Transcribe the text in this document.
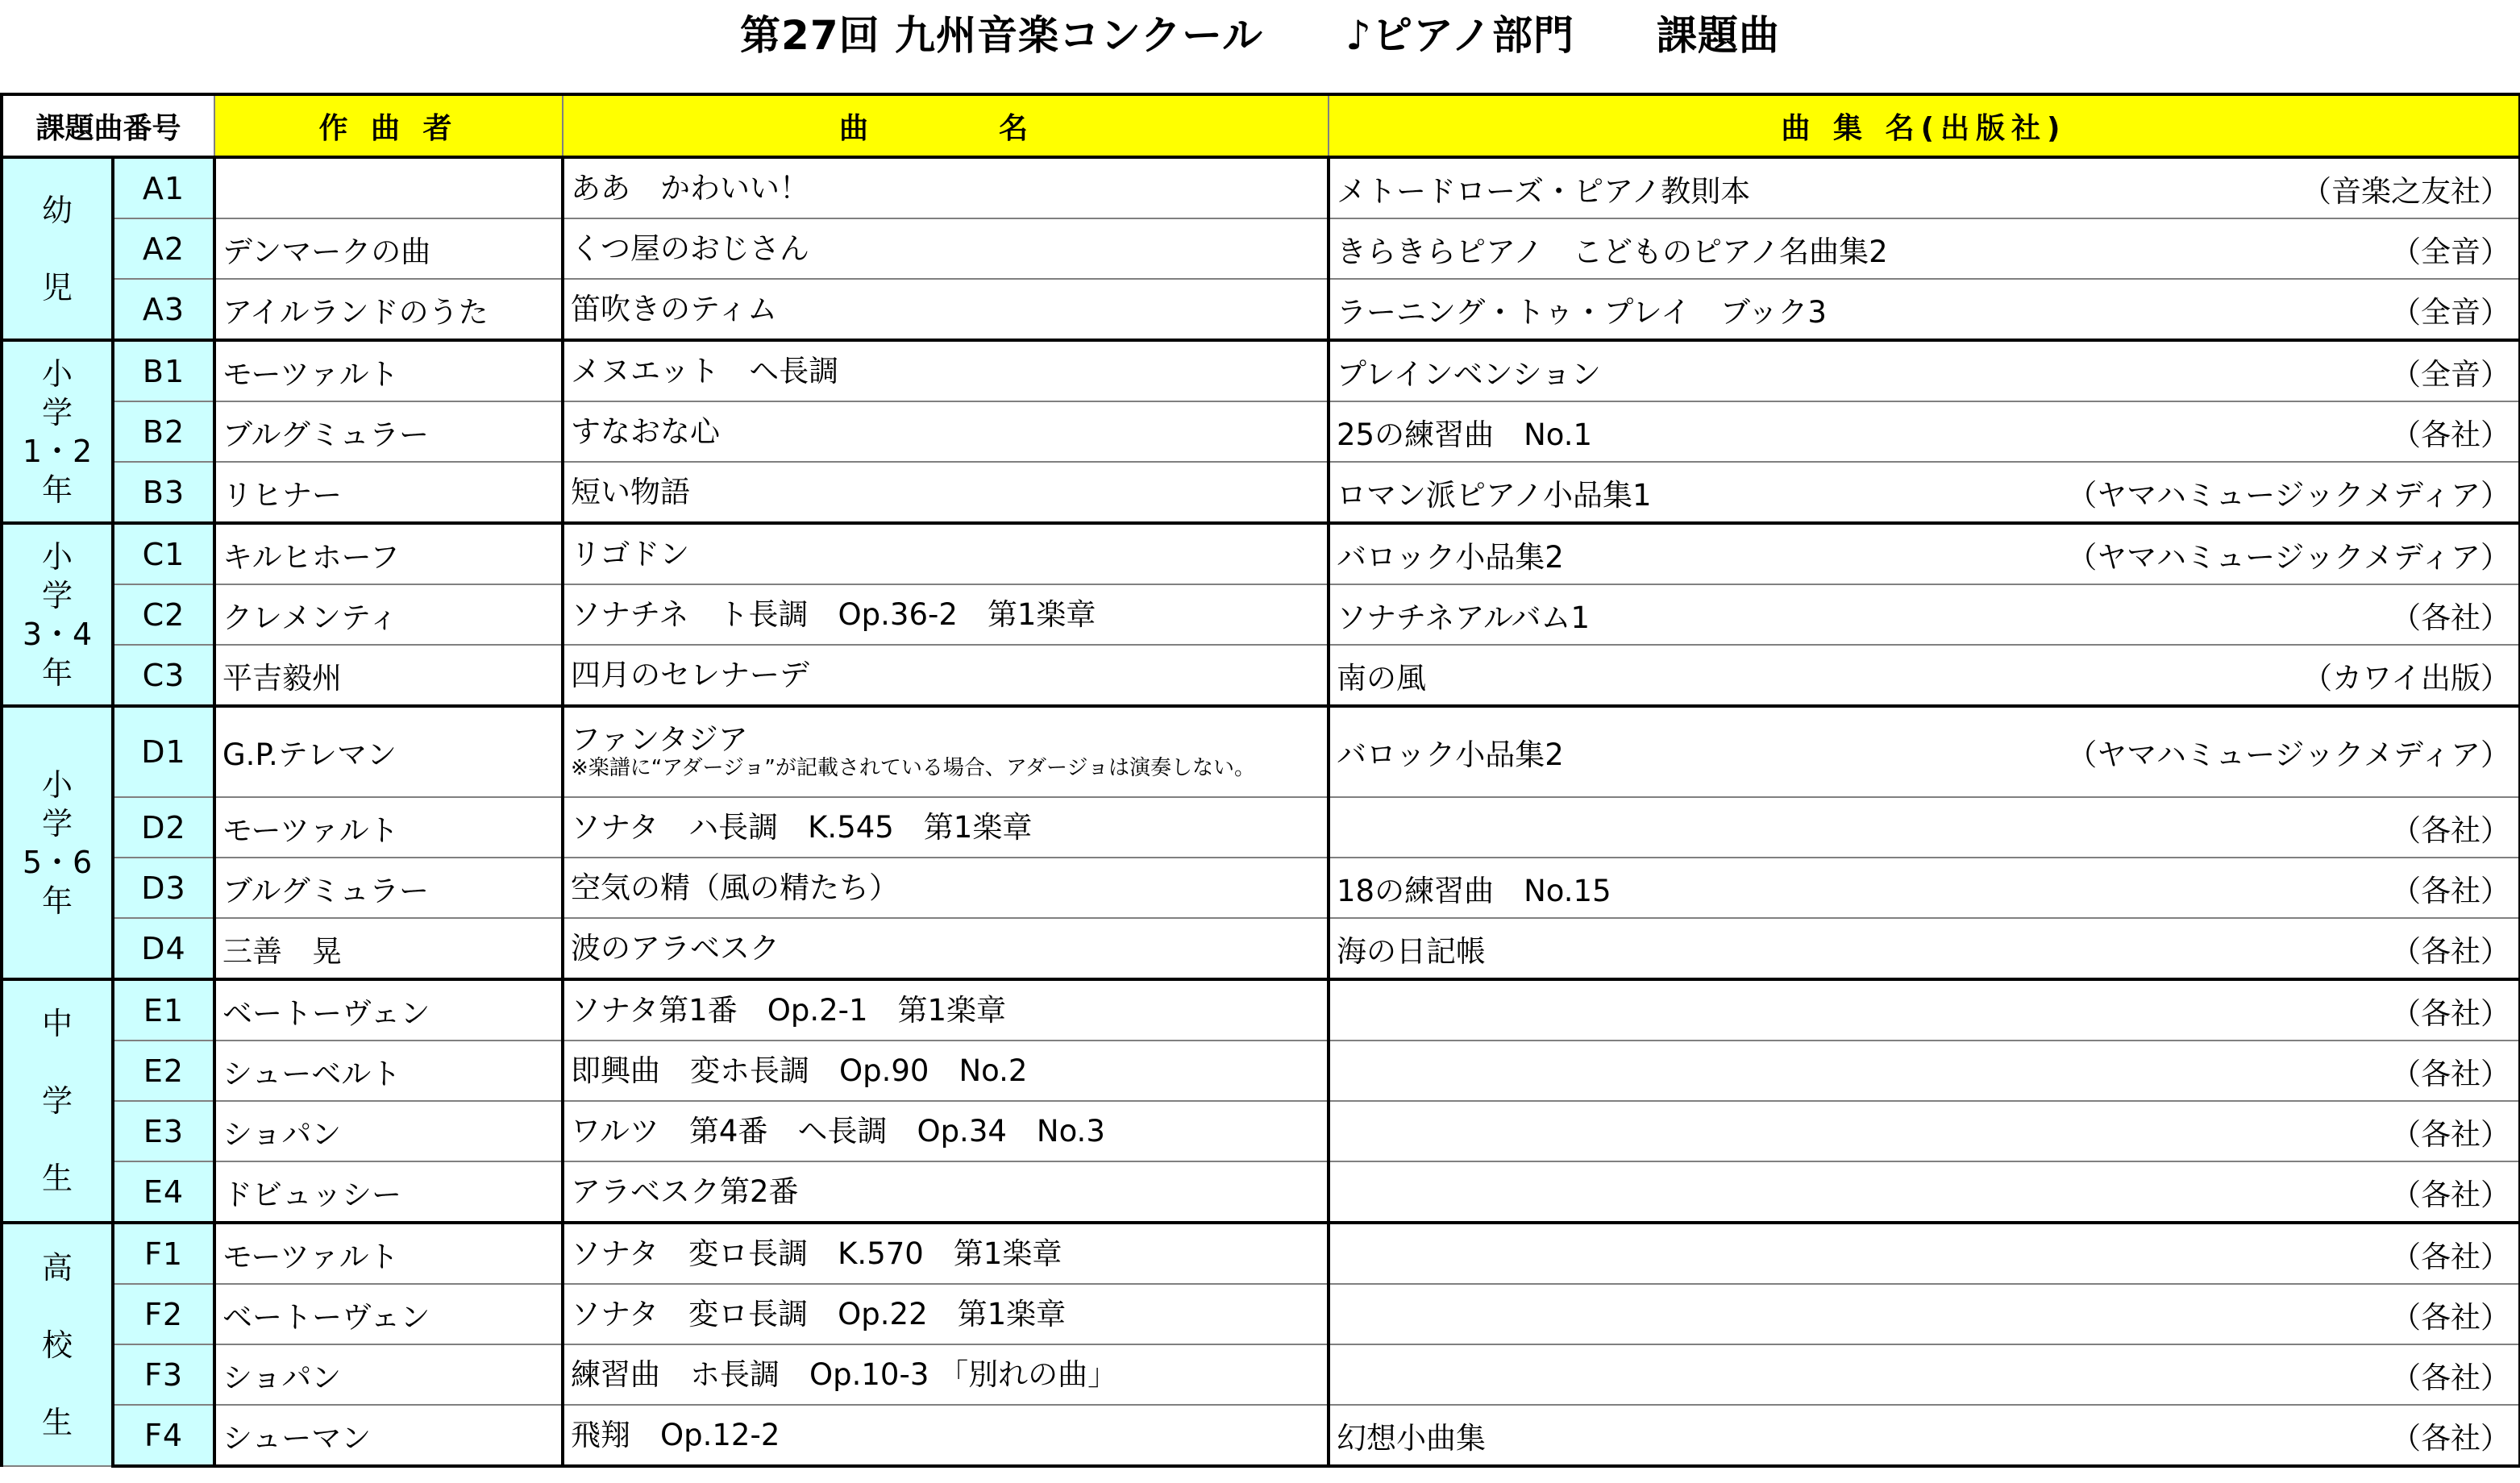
第27回 九州音楽コンクール　　♪ピアノ部門　　課題曲
課題曲番号		作 曲 者	曲　　名	曲 集 名(出版社)
幼

児	A1		ああ　かわいい！	メトードローズ・ピアノ教則本 （音楽之友社）

	A2	デンマークの曲	くつ屋のおじさん	きらきらピアノ　こどものピアノ名曲集2 （全音）

	A3	アイルランドのうた	笛吹きのティム	ラーニング・トゥ・プレイ　ブック3 （全音）

小
学
1・2
年	B1	モーツァルト	メヌエット　ヘ長調	プレインベンション （全音）

	B2	ブルグミュラー	すなおな心	25の練習曲　No.1 （各社）

	B3	リヒナー	短い物語	ロマン派ピアノ小品集1 （ヤマハミュージックメディア）

小
学
3・4
年	C1	キルヒホーフ	リゴドン	バロック小品集2 （ヤマハミュージックメディア）

	C2	クレメンティ	ソナチネ　ト長調　Op.36-2　第1楽章	ソナチネアルバム1 （各社）

	C3	平吉毅州	四月のセレナーデ	南の風 （カワイ出版）

小
学
5・6
年	D1	G.P.テレマン	ファンタジア
※楽譜に“アダージョ”が記載されている場合、アダージョは演奏しない。	バロック小品集2 （ヤマハミュージックメディア）

	D2	モーツァルト	ソナタ　ハ長調　K.545　第1楽章	（各社）

	D3	ブルグミュラー	空気の精（風の精たち）	18の練習曲　No.15 （各社）

	D4	三善　晃	波のアラベスク	海の日記帳 （各社）

中

学

生	E1	ベートーヴェン	ソナタ第1番　Op.2-1　第1楽章	（各社）

	E2	シューベルト	即興曲　変ホ長調　Op.90　No.2	（各社）

	E3	ショパン	ワルツ　第4番　ヘ長調　Op.34　No.3	（各社）

	E4	ドビュッシー	アラベスク第2番	（各社）

高

校

生	F1	モーツァルト	ソナタ　変ロ長調　K.570　第1楽章	（各社）

	F2	ベートーヴェン	ソナタ　変ロ長調　Op.22　第1楽章	（各社）

	F3	ショパン	練習曲　ホ長調　Op.10-3 「別れの曲」	（各社）

	F4	シューマン	飛翔　Op.12-2	幻想小曲集 （各社）
